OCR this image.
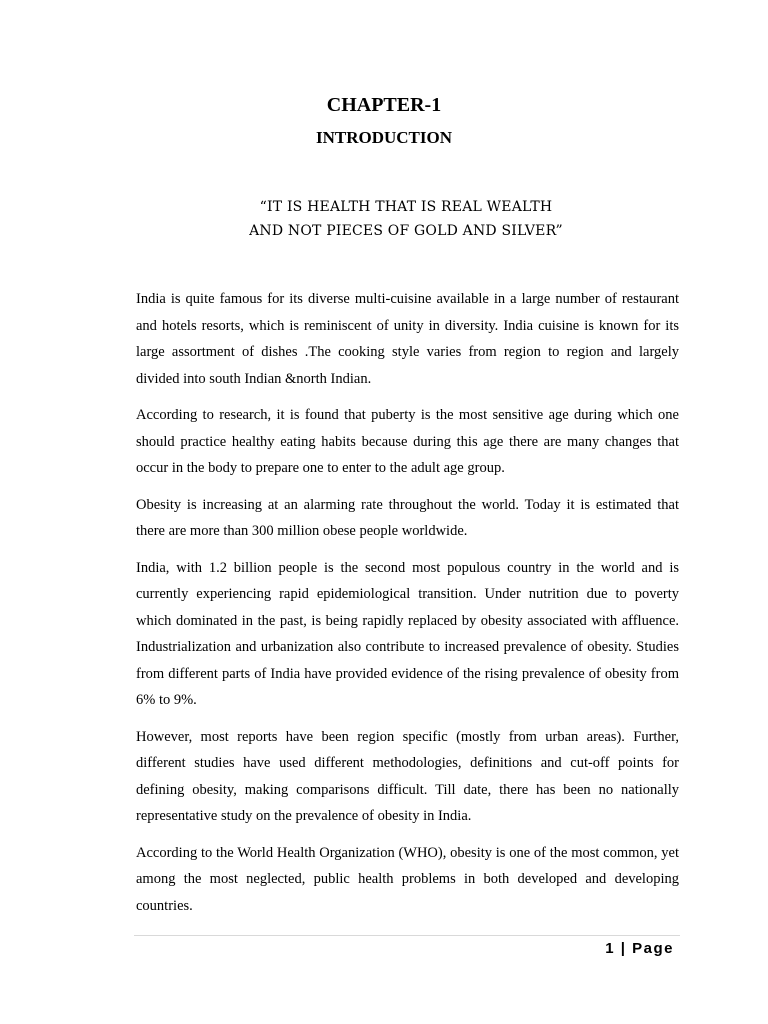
CHAPTER-1
INTRODUCTION
“IT IS HEALTH THAT IS REAL WEALTH
AND NOT PIECES OF GOLD AND SILVER”

India is quite famous for its diverse multi-cuisine available in a large number of restaurant and hotels resorts, which is reminiscent of unity in diversity. India cuisine is known for its large assortment of dishes .The cooking style varies from region to region and largely divided into south Indian &north Indian.

According to research, it is found that puberty is the most sensitive age during which one should practice healthy eating habits because during this age there are many changes that occur in the body to prepare one to enter to the adult age group.

Obesity is increasing at an alarming rate throughout the world. Today it is estimated that there are more than 300 million obese people worldwide.

India, with 1.2 billion people is the second most populous country in the world and is currently experiencing rapid epidemiological transition. Under nutrition due to poverty which dominated in the past, is being rapidly replaced by obesity associated with affluence. Industrialization and urbanization also contribute to increased prevalence of obesity. Studies from different parts of India have provided evidence of the rising prevalence of obesity from 6% to 9%.

However, most reports have been region specific (mostly from urban areas). Further, different studies have used different methodologies, definitions and cut-off points for defining obesity, making comparisons difficult. Till date, there has been no nationally representative study on the prevalence of obesity in India.

According to the World Health Organization (WHO), obesity is one of the most common, yet among the most neglected, public health problems in both developed and developing countries.

1 | Page
